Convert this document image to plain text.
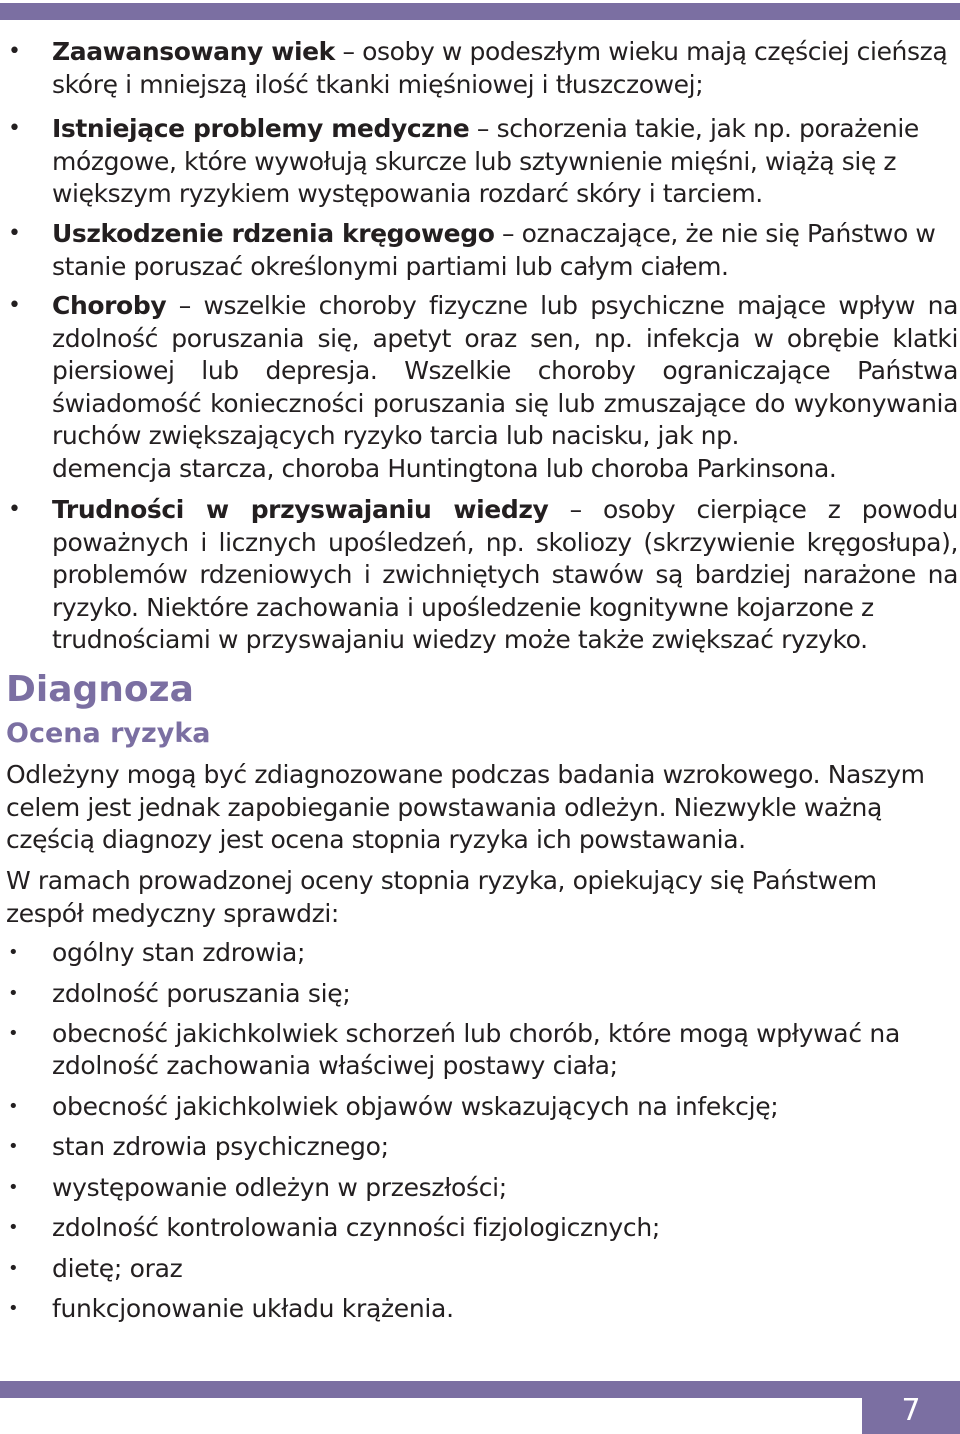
• Zaawansowany wiek – osoby w podeszłym wieku mają częściej cieńszą skórę i mniejszą ilość tkanki mięśniowej i tłuszczowej;
• Istniejące problemy medyczne – schorzenia takie, jak np. porażenie mózgowe, które wywołują skurcze lub sztywnienie mięśni, wiążą się z większym ryzykiem występowania rozdarć skóry i tarciem.
• Uszkodzenie rdzenia kręgowego – oznaczające, że nie się Państwo w stanie poruszać określonymi partiami lub całym ciałem.
• Choroby – wszelkie choroby fizyczne lub psychiczne mające wpływ na zdolność poruszania się, apetyt oraz sen, np. infekcja w obrębie klatki piersiowej lub depresja. Wszelkie choroby ograniczające Państwa świadomość konieczności poruszania się lub zmuszające do wykonywania ruchów zwiększających ryzyko tarcia lub nacisku, jak np.
demencja starcza, choroba Huntingtona lub choroba Parkinsona.
• Trudności w przyswajaniu wiedzy – osoby cierpiące z powodu poważnych i licznych upośledzeń, np. skoliozy (skrzywienie kręgosłupa), problemów rdzeniowych i zwichniętych stawów są bardziej narażone na ryzyko. Niektóre zachowania i upośledzenie kognitywne kojarzone z
trudnościami w przyswajaniu wiedzy może także zwiększać ryzyko.
Diagnoza
Ocena ryzyka
Odleżyny mogą być zdiagnozowane podczas badania wzrokowego. Naszym celem jest jednak zapobieganie powstawania odleżyn. Niezwykle ważną częścią diagnozy jest ocena stopnia ryzyka ich powstawania.
W ramach prowadzonej oceny stopnia ryzyka, opiekujący się Państwem zespół medyczny sprawdzi:
• ogólny stan zdrowia;
• zdolność poruszania się;
• obecność jakichkolwiek schorzeń lub chorób, które mogą wpływać na zdolność zachowania właściwej postawy ciała;
• obecność jakichkolwiek objawów wskazujących na infekcję;
• stan zdrowia psychicznego;
• występowanie odleżyn w przeszłości;
• zdolność kontrolowania czynności fizjologicznych;
• dietę; oraz
• funkcjonowanie układu krążenia.
7
